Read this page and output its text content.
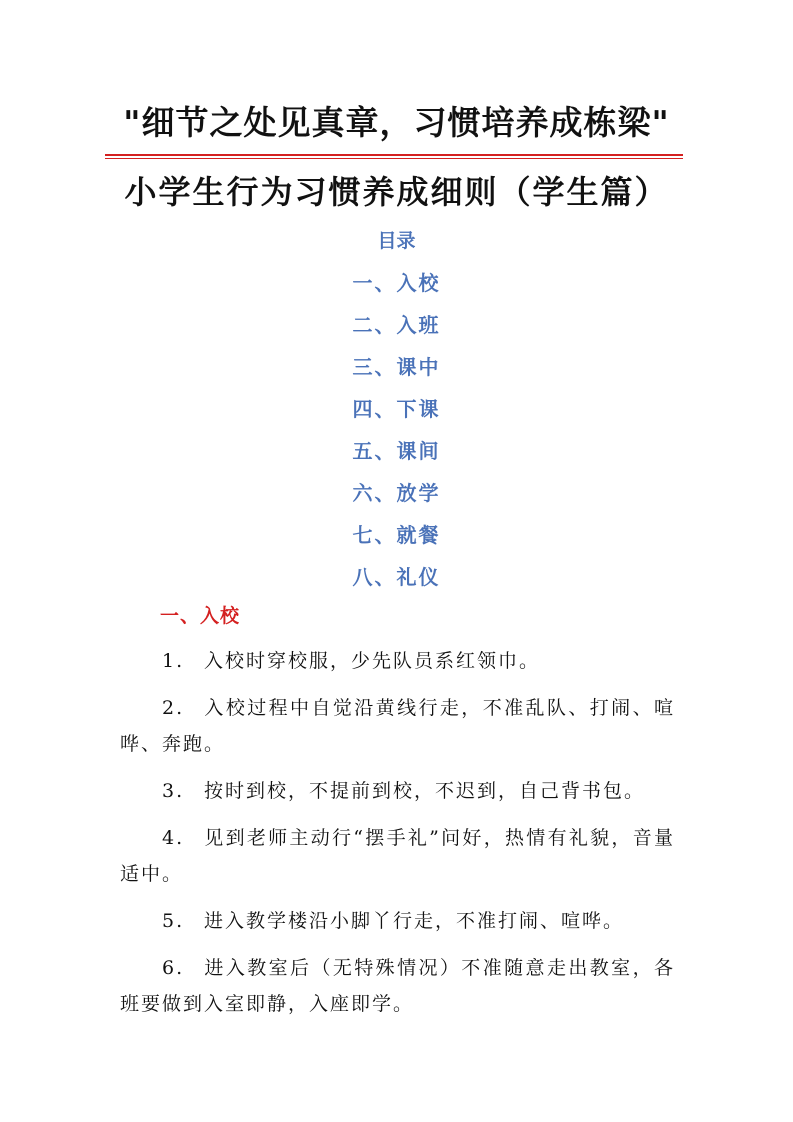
"细节之处见真章，习惯培养成栋梁"
小学生行为习惯养成细则（学生篇）
目录
一、入校
二、入班
三、课中
四、下课
五、课间
六、放学
七、就餐
八、礼仪
一、入校

1. 入校时穿校服，少先队员系红领巾。

2. 入校过程中自觉沿黄线行走，不准乱队、打闹、喧哗、奔跑。

3. 按时到校，不提前到校，不迟到，自己背书包。

4. 见到老师主动行“摆手礼”问好，热情有礼貌，音量适中。

5. 进入教学楼沿小脚丫行走，不准打闹、喧哗。

6. 进入教室后（无特殊情况）不准随意走出教室，各班要做到入室即静，入座即学。
